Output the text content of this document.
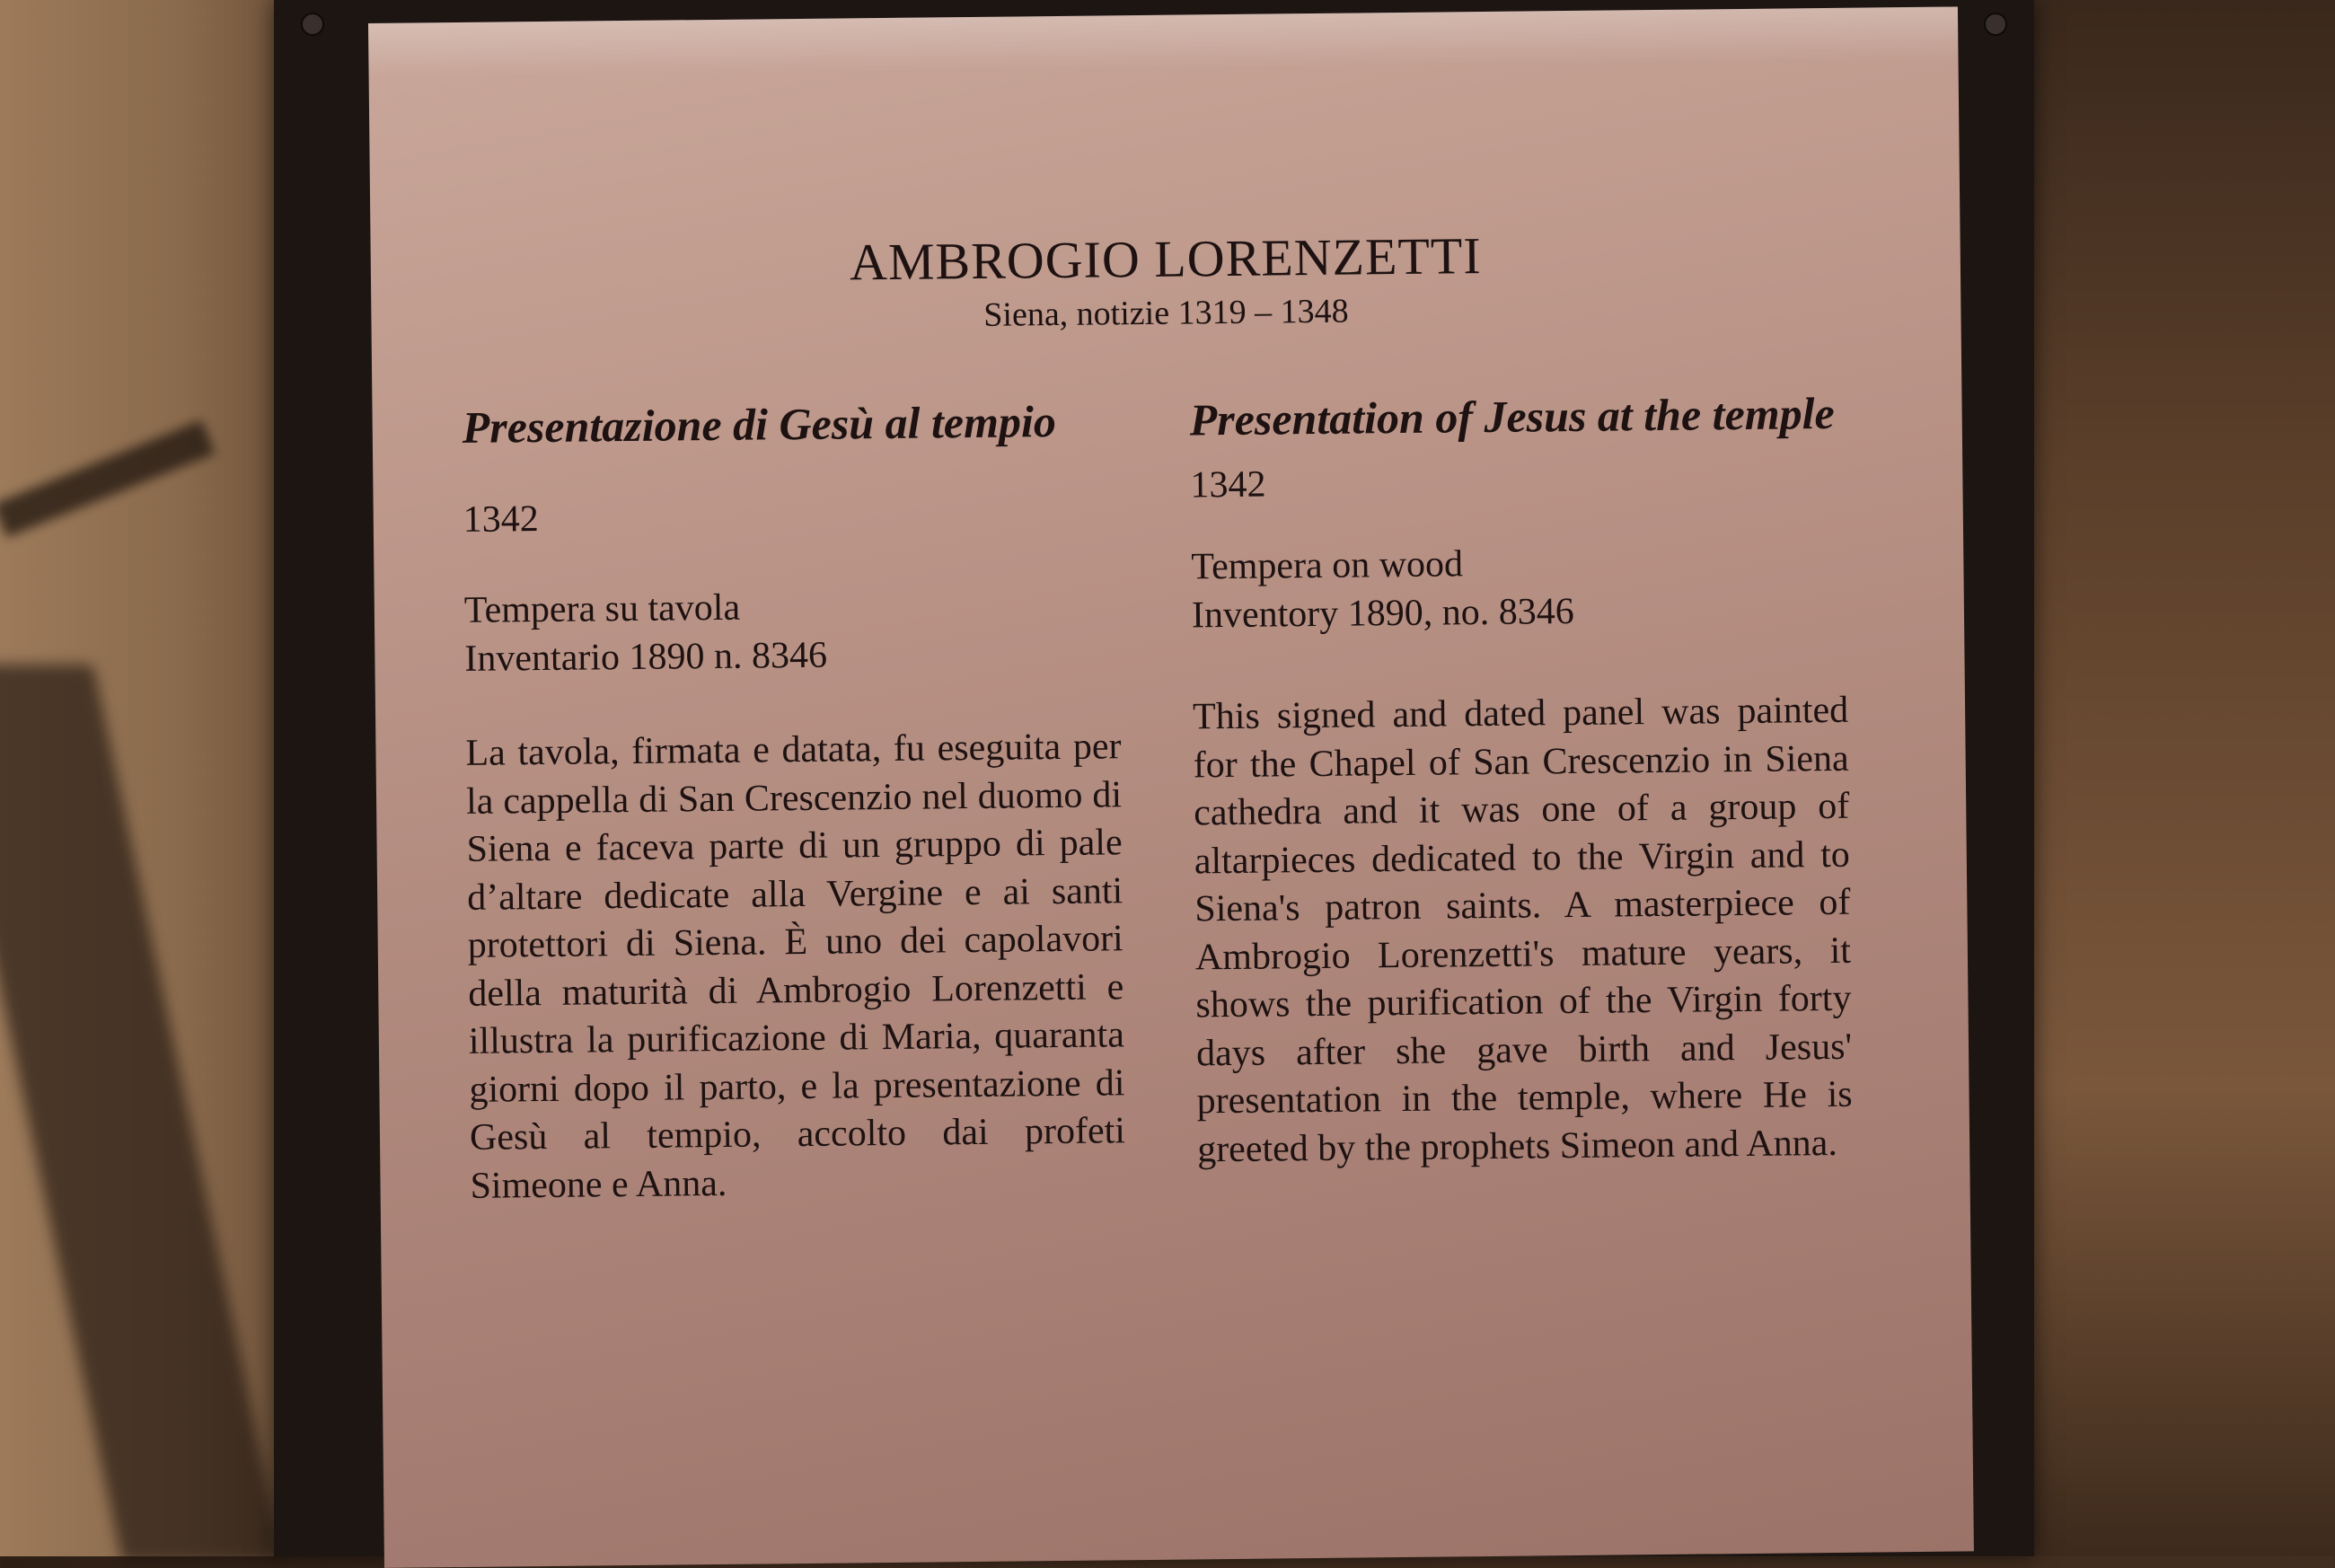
AMBROGIO LORENZETTI
Siena, notizie 1319 – 1348

Presentazione di Gesù al tempio

1342
Tempera su tavola
Inventario 1890 n. 8346
La tavola, firmata e datata, fu eseguita per la cappella di San Crescenzio nel duomo di Siena e faceva parte di un gruppo di pale d’altare dedicate alla Vergine e ai santi protettori di Siena. È uno dei capolavori della maturità di Ambrogio Lorenzetti e illustra la purificazione di Maria, quaranta giorni dopo il parto, e la presentazione di Gesù al tempio, accolto dai profeti Simeone e Anna.

Presentation of Jesus at the temple

1342
Tempera on wood
Inventory 1890, no. 8346
This signed and dated panel was painted for the Chapel of San Crescenzio in Siena cathedra and it was one of a group of altarpieces dedicated to the Virgin and to Siena's patron saints. A masterpiece of Ambrogio Lorenzetti's mature years, it shows the purification of the Virgin forty days after she gave birth and Jesus' presentation in the temple, where He is greeted by the prophets Simeon and Anna.
